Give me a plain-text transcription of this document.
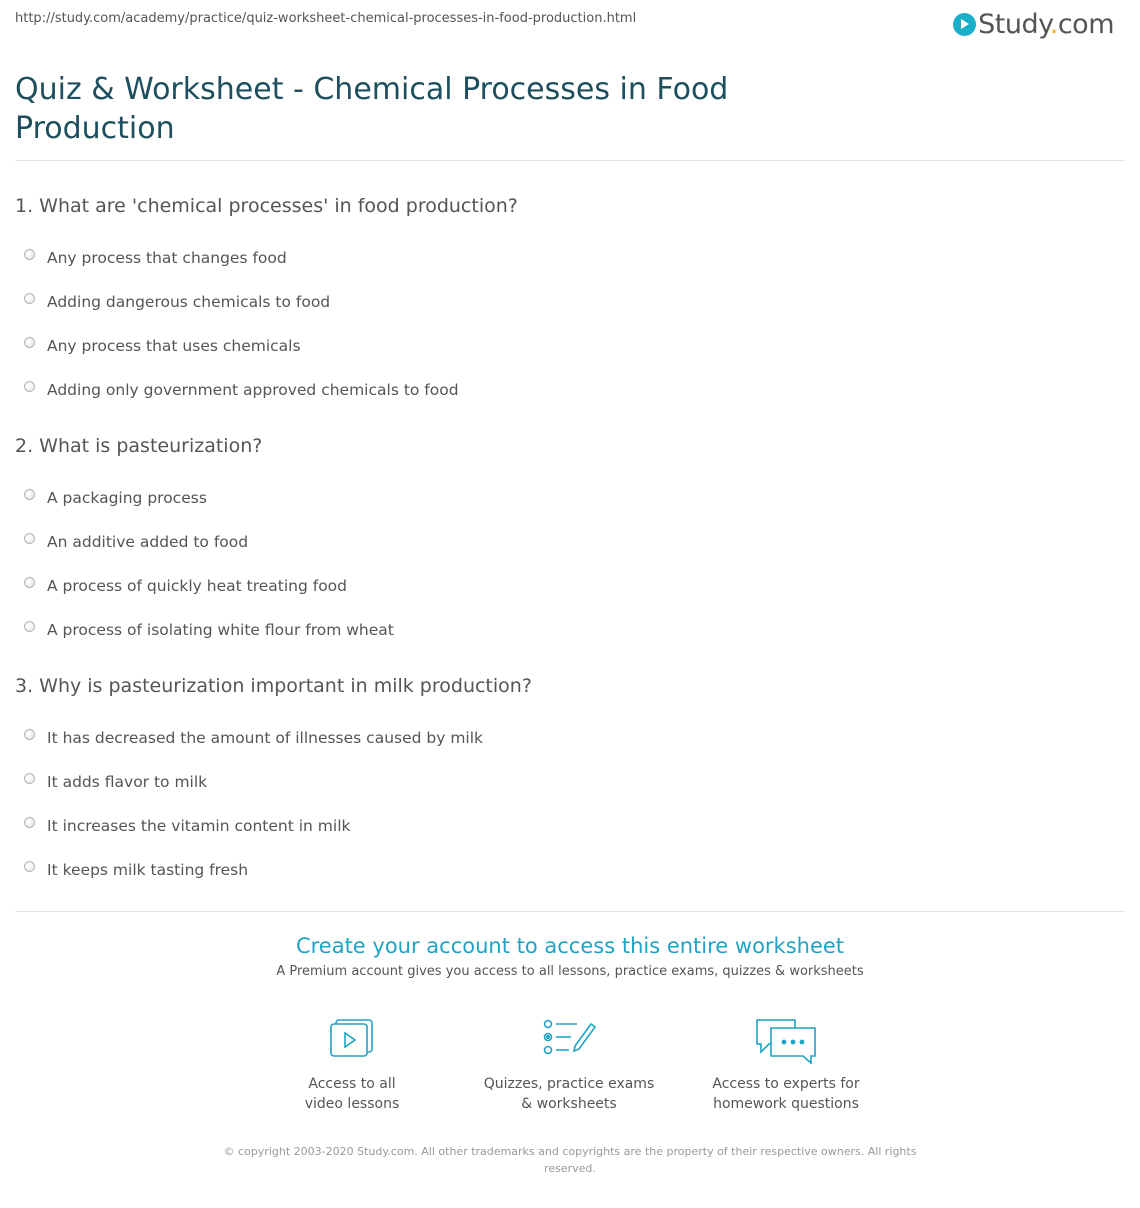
http://study.com/academy/practice/quiz-worksheet-chemical-processes-in-food-production.html	Study.com
Quiz & Worksheet - Chemical Processes in Food Production
1. What are 'chemical processes' in food production?
Any process that changes food
Adding dangerous chemicals to food
Any process that uses chemicals
Adding only government approved chemicals to food
2. What is pasteurization?
A packaging process
An additive added to food
A process of quickly heat treating food
A process of isolating white flour from wheat
3. Why is pasteurization important in milk production?
It has decreased the amount of illnesses caused by milk
It adds flavor to milk
It increases the vitamin content in milk
It keeps milk tasting fresh
Create your account to access this entire worksheet
A Premium account gives you access to all lessons, practice exams, quizzes & worksheets
Access to all
video lessons
Quizzes, practice exams
& worksheets
Access to experts for
homework questions
© copyright 2003-2020 Study.com. All other trademarks and copyrights are the property of their respective owners. All rights reserved.
